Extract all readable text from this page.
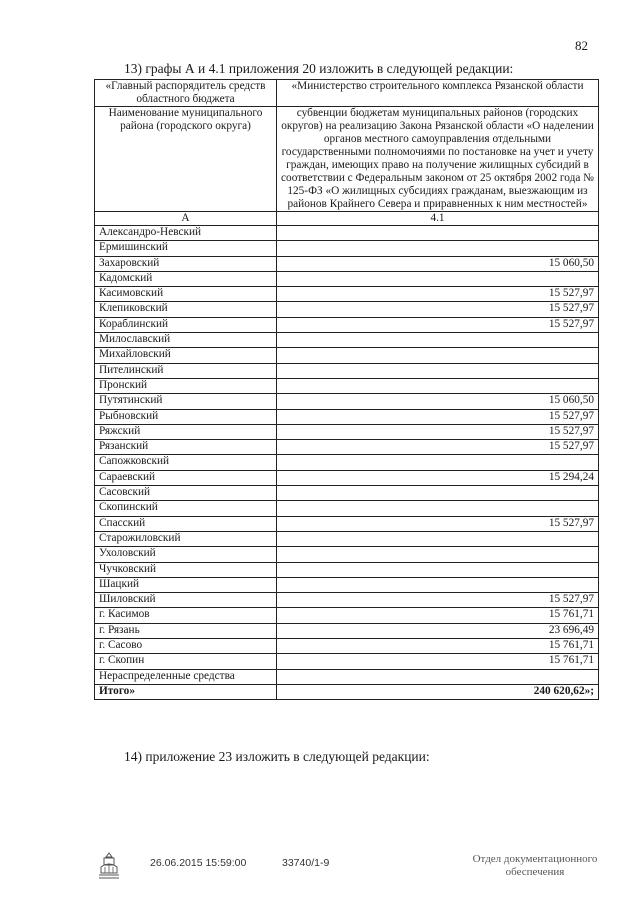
82
13) графы А и 4.1 приложения 20 изложить в следующей редакции:
«Главный распорядитель средств областного бюджета	«Министерство строительного комплекса Рязанской области
Наименование муниципального района (городского округа)	субвенции бюджетам муниципальных районов (городских округов) на реализацию Закона Рязанской области «О наделении органов местного самоуправления отдельными государственными полномочиями по постановке на учет и учету граждан, имеющих право на получение жилищных субсидий в соответствии с Федеральным законом от 25 октября 2002 года № 125-ФЗ «О жилищных субсидиях гражданам, выезжающим из районов Крайнего Севера и приравненных к ним местностей»
А	4.1
Александро-Невский	
Ермишинский	
Захаровский	15 060,50
Кадомский	
Касимовский	15 527,97
Клепиковский	15 527,97
Кораблинский	15 527,97
Милославский	
Михайловский	
Пителинский	
Пронский	
Путятинский	15 060,50
Рыбновский	15 527,97
Ряжский	15 527,97
Рязанский	15 527,97
Сапожковский	
Сараевский	15 294,24
Сасовский	
Скопинский	
Спасский	15 527,97
Старожиловский	
Ухоловский	
Чучковский	
Шацкий	
Шиловский	15 527,97
г. Касимов	15 761,71
г. Рязань	23 696,49
г. Сасово	15 761,71
г. Скопин	15 761,71
Нераспределенные средства	
Итого»	240 620,62»;
14) приложение 23 изложить в следующей редакции:
26.06.2015 15:59:00	33740/1-9	Отдел документационного
обеспечения
